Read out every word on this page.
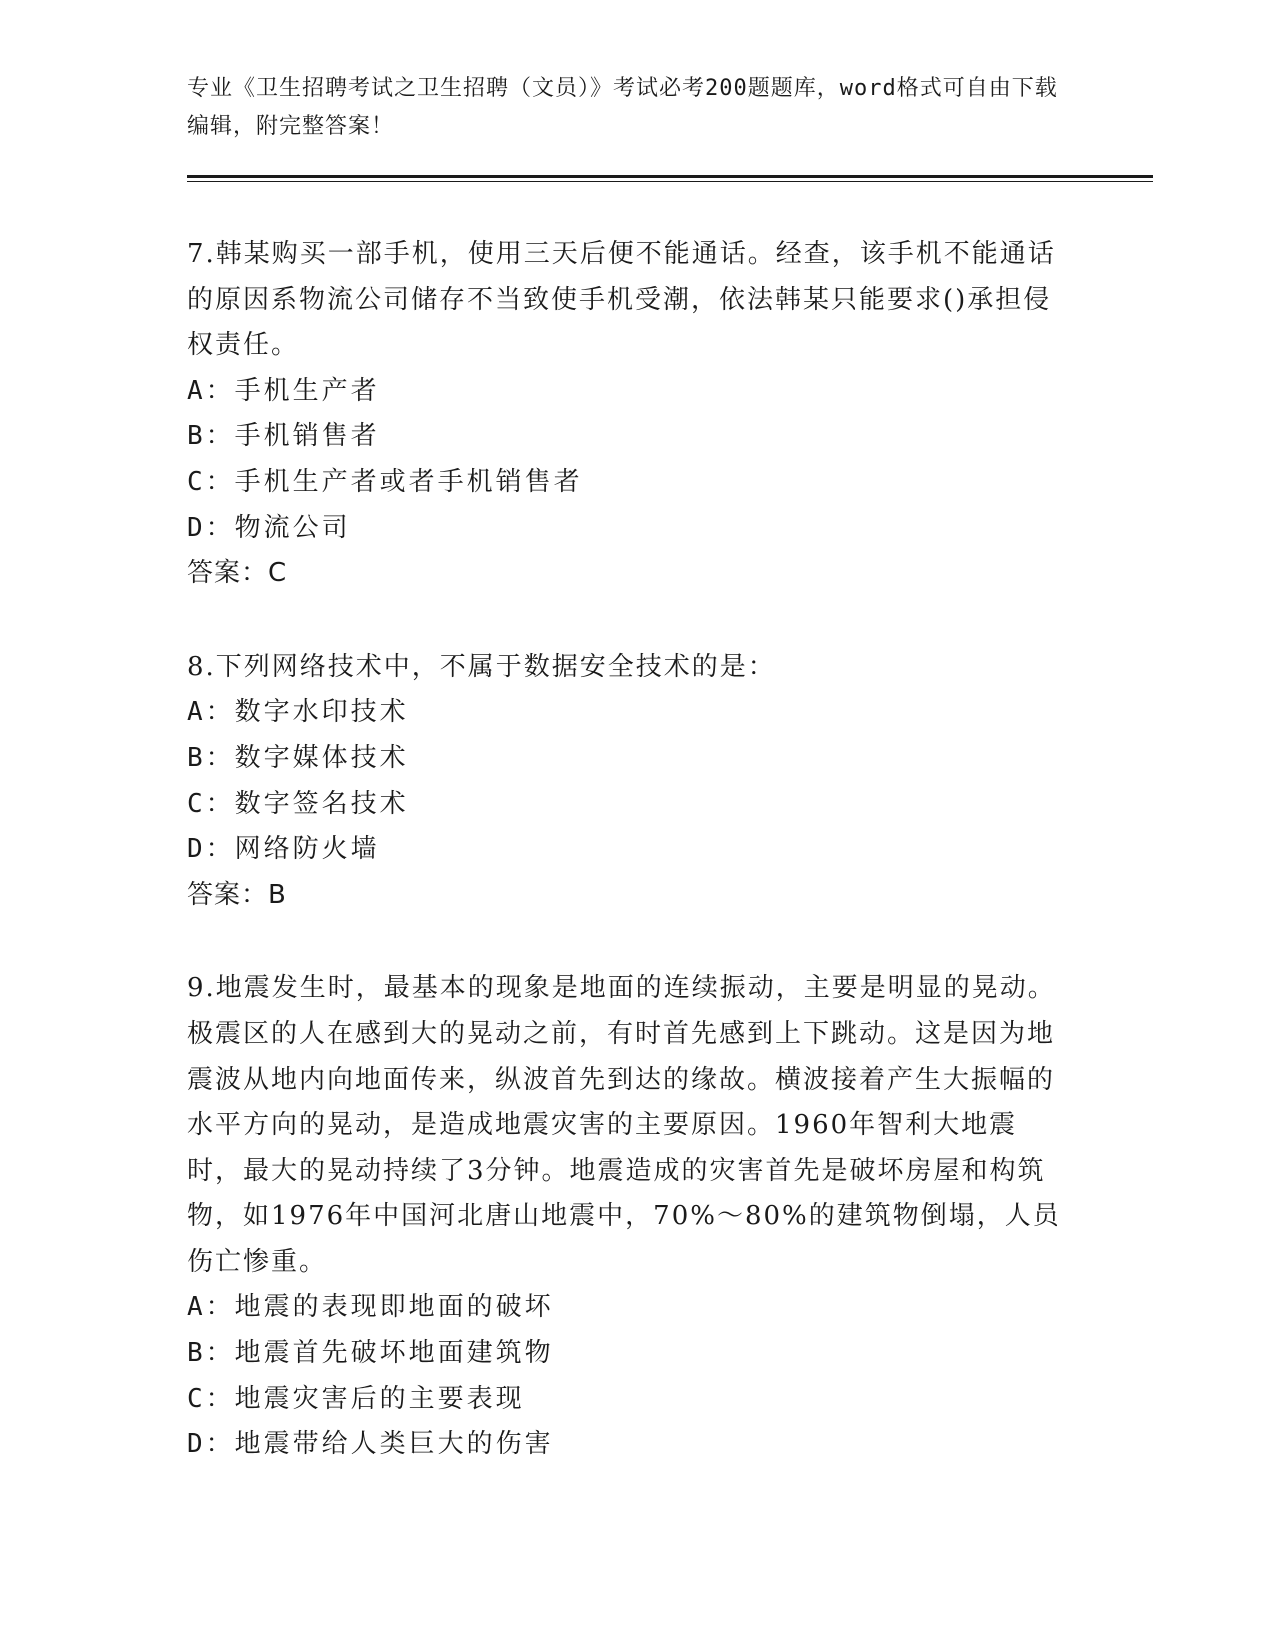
专业《卫生招聘考试之卫生招聘（文员）》考试必考200题题库，word格式可自由下载编辑，附完整答案！

7.韩某购买一部手机，使用三天后便不能通话。经查，该手机不能通话的原因系物流公司储存不当致使手机受潮，依法韩某只能要求()承担侵权责任。

A：手机生产者

B：手机销售者

C：手机生产者或者手机销售者

D：物流公司

答案：C

8.下列网络技术中，不属于数据安全技术的是：

A：数字水印技术

B：数字媒体技术

C：数字签名技术

D：网络防火墙

答案：B

9.地震发生时，最基本的现象是地面的连续振动，主要是明显的晃动。极震区的人在感到大的晃动之前，有时首先感到上下跳动。这是因为地震波从地内向地面传来，纵波首先到达的缘故。横波接着产生大振幅的水平方向的晃动，是造成地震灾害的主要原因。1960年智利大地震时，最大的晃动持续了3分钟。地震造成的灾害首先是破坏房屋和构筑物，如1976年中国河北唐山地震中，70%～80%的建筑物倒塌，人员伤亡惨重。

A：地震的表现即地面的破坏

B：地震首先破坏地面建筑物

C：地震灾害后的主要表现

D：地震带给人类巨大的伤害
